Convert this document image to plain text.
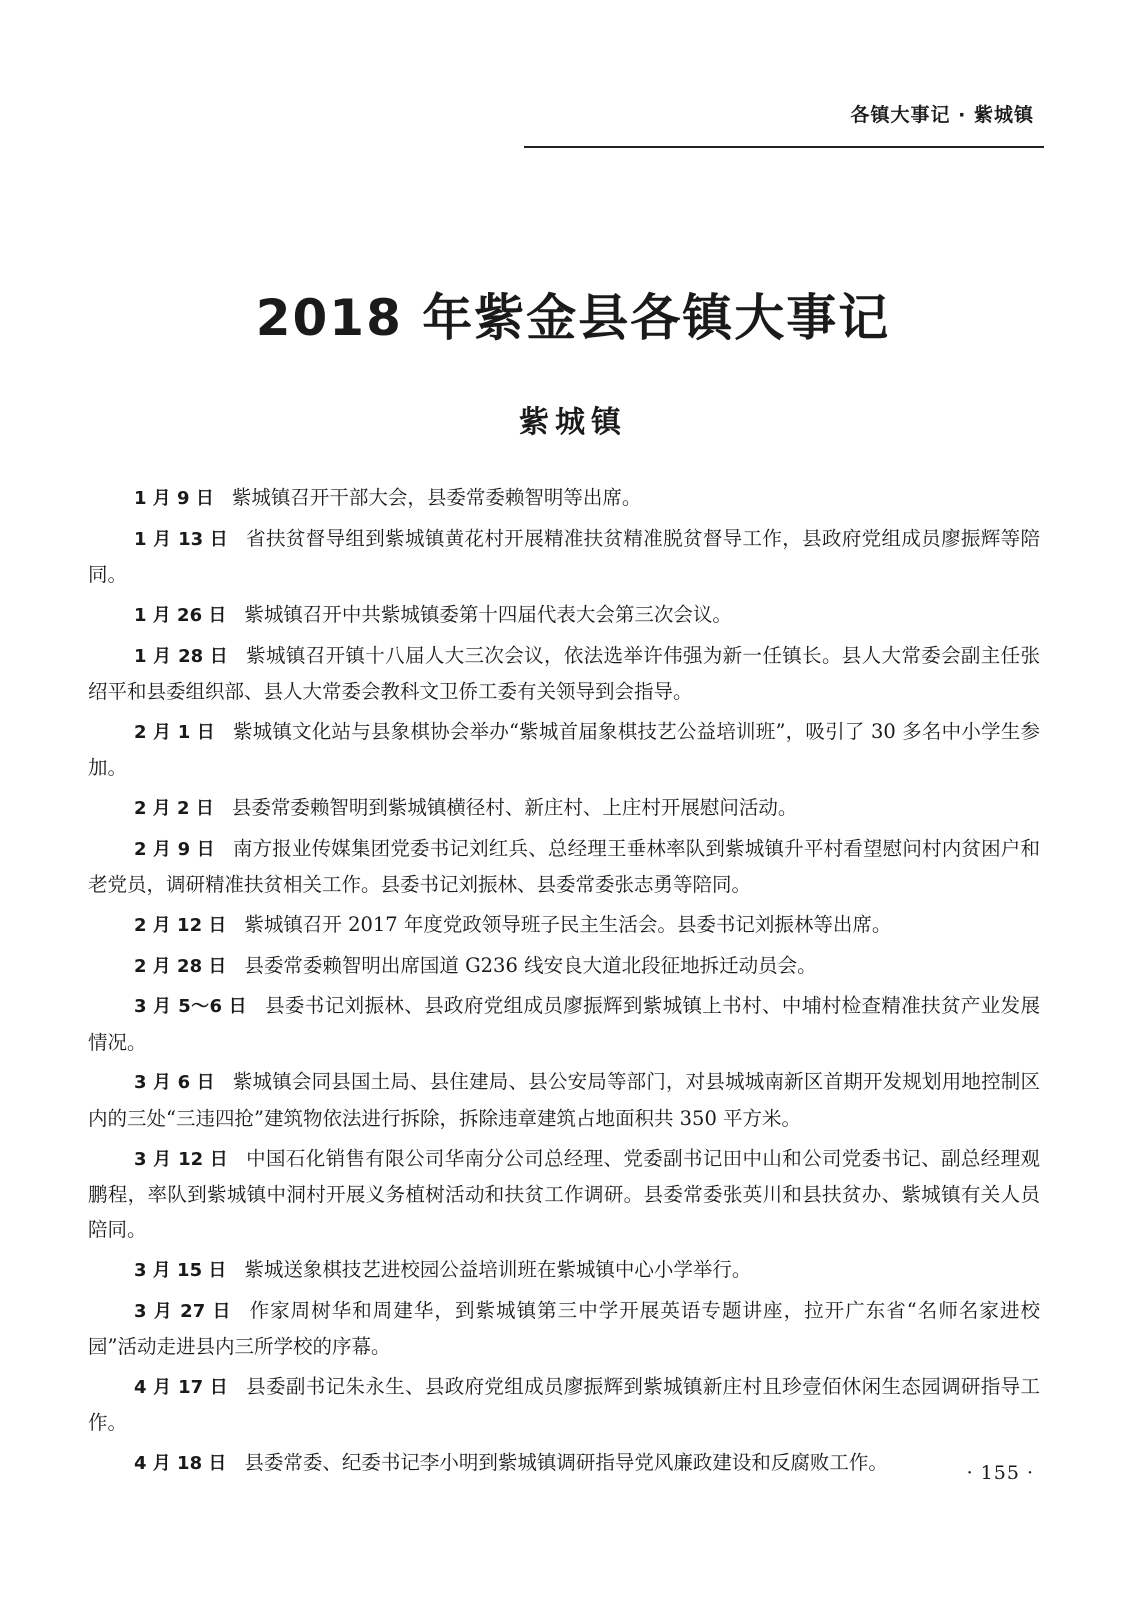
各镇大事记 · 紫城镇
2018 年紫金县各镇大事记
紫城镇

1 月 9 日 紫城镇召开干部大会，县委常委赖智明等出席。

1 月 13 日 省扶贫督导组到紫城镇黄花村开展精准扶贫精准脱贫督导工作，县政府党组成员廖振辉等陪同。

1 月 26 日 紫城镇召开中共紫城镇委第十四届代表大会第三次会议。

1 月 28 日 紫城镇召开镇十八届人大三次会议，依法选举许伟强为新一任镇长。县人大常委会副主任张绍平和县委组织部、县人大常委会教科文卫侨工委有关领导到会指导。

2 月 1 日 紫城镇文化站与县象棋协会举办“紫城首届象棋技艺公益培训班”，吸引了 30 多名中小学生参加。

2 月 2 日 县委常委赖智明到紫城镇横径村、新庄村、上庄村开展慰问活动。

2 月 9 日 南方报业传媒集团党委书记刘红兵、总经理王垂林率队到紫城镇升平村看望慰问村内贫困户和老党员，调研精准扶贫相关工作。县委书记刘振林、县委常委张志勇等陪同。

2 月 12 日 紫城镇召开 2017 年度党政领导班子民主生活会。县委书记刘振林等出席。

2 月 28 日 县委常委赖智明出席国道 G236 线安良大道北段征地拆迁动员会。

3 月 5～6 日 县委书记刘振林、县政府党组成员廖振辉到紫城镇上书村、中埔村检查精准扶贫产业发展情况。

3 月 6 日 紫城镇会同县国土局、县住建局、县公安局等部门，对县城城南新区首期开发规划用地控制区内的三处“三违四抢”建筑物依法进行拆除，拆除违章建筑占地面积共 350 平方米。

3 月 12 日 中国石化销售有限公司华南分公司总经理、党委副书记田中山和公司党委书记、副总经理观鹏程，率队到紫城镇中洞村开展义务植树活动和扶贫工作调研。县委常委张英川和县扶贫办、紫城镇有关人员陪同。

3 月 15 日 紫城送象棋技艺进校园公益培训班在紫城镇中心小学举行。

3 月 27 日 作家周树华和周建华，到紫城镇第三中学开展英语专题讲座，拉开广东省“名师名家进校园”活动走进县内三所学校的序幕。

4 月 17 日 县委副书记朱永生、县政府党组成员廖振辉到紫城镇新庄村且珍壹佰休闲生态园调研指导工作。

4 月 18 日 县委常委、纪委书记李小明到紫城镇调研指导党风廉政建设和反腐败工作。	· 155 ·
